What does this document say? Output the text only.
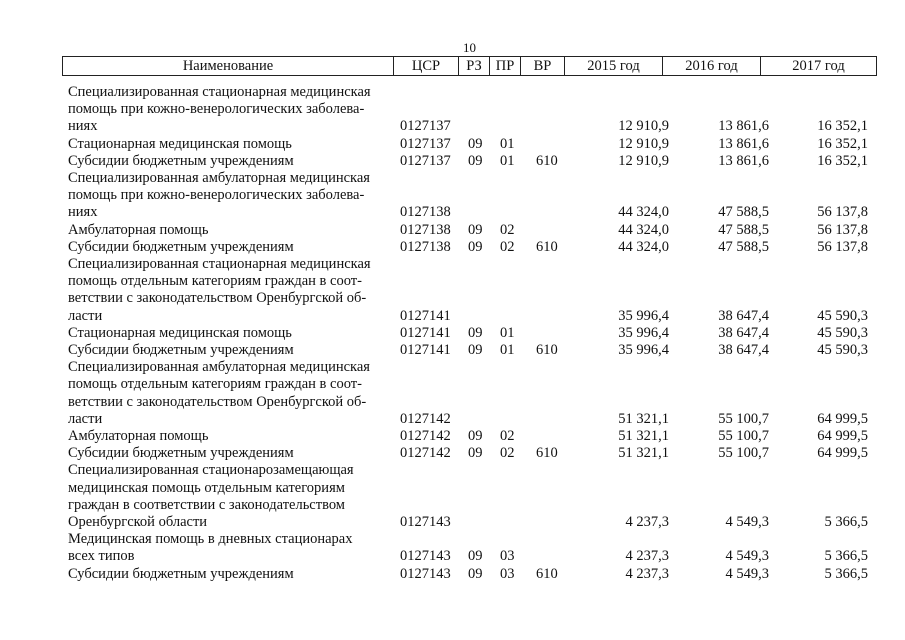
10
Наименование	ЦСР	РЗ ПР	ВР	2015 год	2016 год	2017 год
Специализированная стационарная медицинская
помощь при кожно-венерологических заболева-
ниях	0127137	12 910,9	13 861,6	16 352,1
Стационарная медицинская помощь	0127137 09 01	12 910,9	13 861,6	16 352,1
Субсидии бюджетным учреждениям	0127137 09 01 610	12 910,9	13 861,6	16 352,1
Специализированная амбулаторная медицинская
помощь при кожно-венерологических заболева-
ниях	0127138	44 324,0	47 588,5	56 137,8
Амбулаторная помощь	0127138 09 02	44 324,0	47 588,5	56 137,8
Субсидии бюджетным учреждениям	0127138 09 02 610	44 324,0	47 588,5	56 137,8
Специализированная стационарная медицинская
помощь отдельным категориям граждан в соот-
ветствии с законодательством Оренбургской об-
ласти	0127141	35 996,4	38 647,4	45 590,3
Стационарная медицинская помощь	0127141 09 01	35 996,4	38 647,4	45 590,3
Субсидии бюджетным учреждениям	0127141 09 01 610	35 996,4	38 647,4	45 590,3
Специализированная амбулаторная медицинская
помощь отдельным категориям граждан в соот-
ветствии с законодательством Оренбургской об-
ласти	0127142	51 321,1	55 100,7	64 999,5
Амбулаторная помощь	0127142 09 02	51 321,1	55 100,7	64 999,5
Субсидии бюджетным учреждениям	0127142 09 02 610	51 321,1	55 100,7	64 999,5
Специализированная стационарозамещающая
медицинская помощь отдельным категориям
граждан в соответствии с законодательством
Оренбургской области	0127143	4 237,3	4 549,3	5 366,5
Медицинская помощь в дневных стационарах
всех типов	0127143 09 03	4 237,3	4 549,3	5 366,5
Субсидии бюджетным учреждениям	0127143 09 03 610	4 237,3	4 549,3	5 366,5
